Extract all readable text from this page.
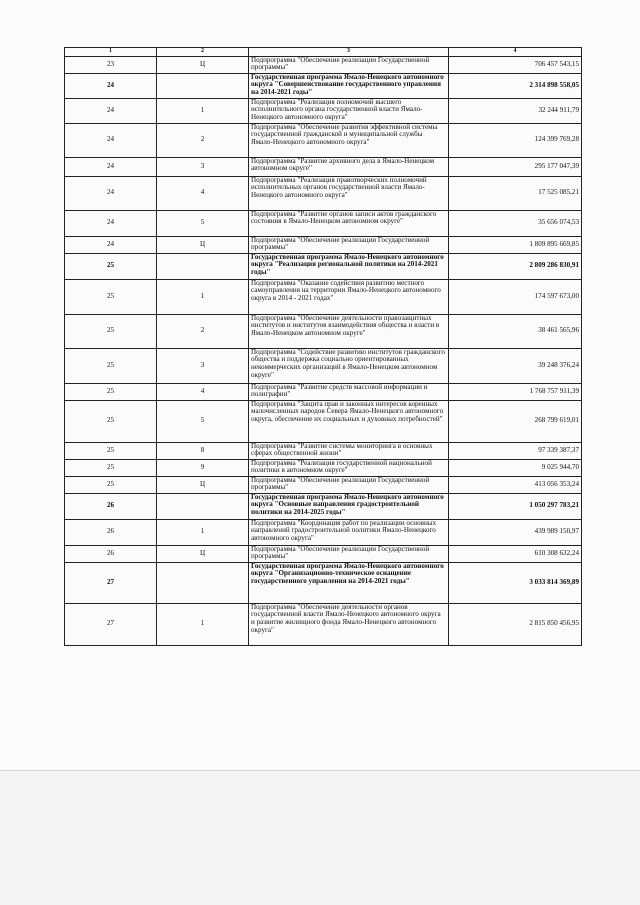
1	2	3	4
23	Ц	Подпрограмма "Обеспечение реализации Государственной программы"	706 457 543,15
24		Государственная программа Ямало-Ненецкого автономного округа "Совершенствование государственного управления на 2014-2021 годы"	2 314 898 558,05
24	1	Подпрограмма "Реализация полномочий высшего исполнительного органа государственной власти Ямало-Ненецкого автономного округа"	32 244 911,79
24	2	Подпрограмма "Обеспечение развития эффективной системы государственной гражданской и муниципальной службы Ямало-Ненецкого автономного округа"	124 399 769,28
24	3	Подпрограмма "Развитие архивного дела в Ямало-Ненецком автономном округе"	295 177 047,39
24	4	Подпрограмма "Реализация правотворческих полномочий исполнительных органов государственной власти Ямало-Ненецкого автономного округа"	17 525 085,21
24	5	Подпрограмма "Развитие органов записи актов гражданского состояния в Ямало-Ненецком автономном округе"	35 656 074,53
24	Ц	Подпрограмма "Обеспечение реализации Государственной программы"	1 809 895 669,85
25		Государственная программа Ямало-Ненецкого автономного округа "Реализация региональной политики на 2014-2021 годы"	2 809 286 830,91
25	1	Подпрограмма "Оказание содействия развитию местного самоуправления на территории Ямало-Ненецкого автономного округа в 2014 - 2021 годах"	174 597 673,00
25	2	Подпрограмма "Обеспечение деятельности правозащитных институтов и институтов взаимодействия общества и власти в Ямало-Ненецком автономном округе"	38 461 565,96
25	3	Подпрограмма "Содействие развитию институтов гражданского общества и поддержка социально ориентированных некоммерческих организаций в Ямало-Ненецком автономном округе"	39 248 376,24
25	4	Подпрограмма "Развитие средств массовой информации и полиграфии"	1 768 757 911,39
25	5	Подпрограмма "Защита прав и законных интересов коренных малочисленных народов Севера Ямало-Ненецкого автономного округа, обеспечение их социальных и духовных потребностей"	268 799 619,01
25	8	Подпрограмма "Развитие системы мониторинга в основных сферах общественной жизни"	97 339 387,37
25	9	Подпрограмма "Реализация государственной национальной политики в автономном округе"	9 025 944,70
25	Ц	Подпрограмма "Обеспечение реализации Государственной программы"	413 056 353,24
26		Государственная программа Ямало-Ненецкого автономного округа "Основные направления градостроительной политики на 2014-2025 годы"	1 050 297 783,21
26	1	Подпрограмма "Координация работ по реализации основных направлений градостроительной политики Ямало-Ненецкого автономного округа"	439 989 150,97
26	Ц	Подпрограмма "Обеспечение реализации Государственной программы"	610 308 632,24
27		Государственная программа Ямало-Ненецкого автономного округа "Организационно-техническое оснащение государственного управления на 2014-2021 годы"	3 033 814 369,89
27	1	Подпрограмма "Обеспечение деятельности органов государственной власти Ямало-Ненецкого автономного округа и развитие жилищного фонда Ямало-Ненецкого автономного округа"	2 815 850 456,95
